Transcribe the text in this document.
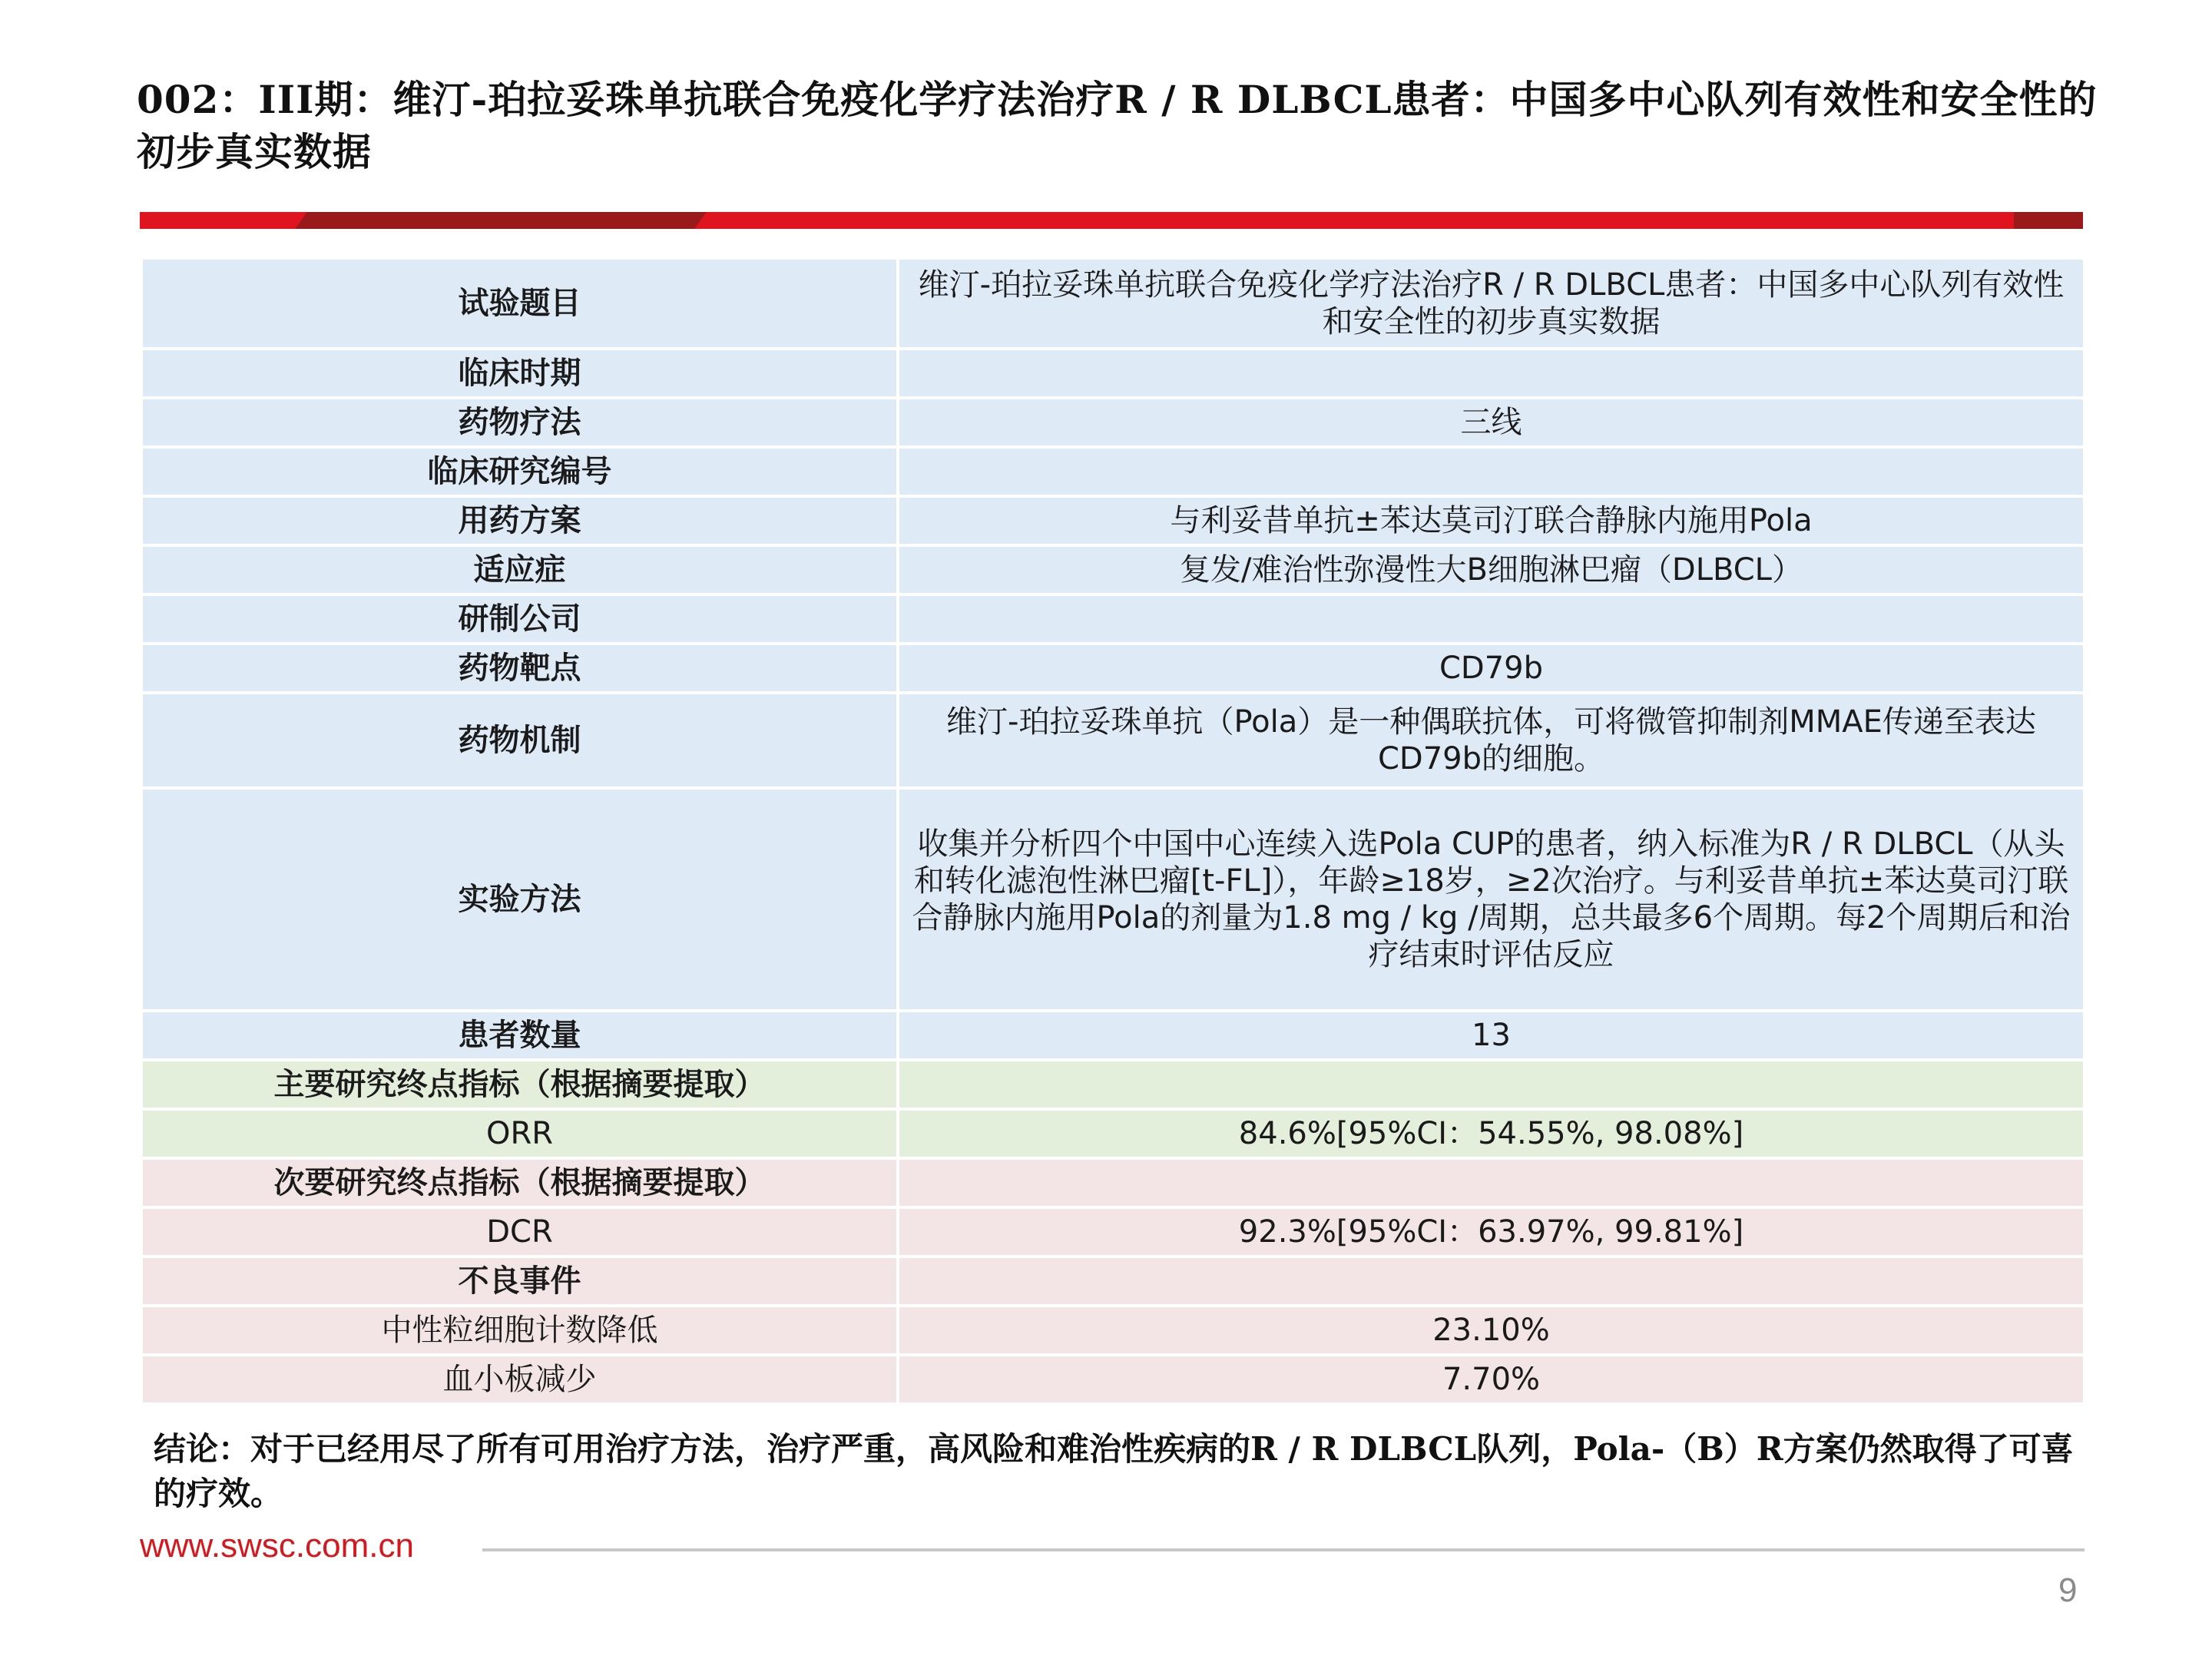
002：III期：维汀-珀拉妥珠单抗联合免疫化学疗法治疗R / R DLBCL患者：中国多中心队列有效性和安全性的初步真实数据
试验题目	维汀-珀拉妥珠单抗联合免疫化学疗法治疗R / R DLBCL患者：中国多中心队列有效性和安全性的初步真实数据
临床时期	
药物疗法	三线
临床研究编号	
用药方案	与利妥昔单抗±苯达莫司汀联合静脉内施用Pola
适应症	复发/难治性弥漫性大B细胞淋巴瘤（DLBCL）
研制公司	
药物靶点	CD79b
药物机制	维汀-珀拉妥珠单抗（Pola）是一种偶联抗体，可将微管抑制剂MMAE传递至表达CD79b的细胞。
实验方法	收集并分析四个中国中心连续入选Pola CUP的患者，纳入标准为R / R DLBCL（从头和转化滤泡性淋巴瘤[t-FL]），年龄≥18岁，≥2次治疗。与利妥昔单抗±苯达莫司汀联合静脉内施用Pola的剂量为1.8 mg / kg /周期，总共最多6个周期。每2个周期后和治疗结束时评估反应
患者数量	13
主要研究终点指标（根据摘要提取）	
ORR	84.6%[95%CI：54.55%, 98.08%]
次要研究终点指标（根据摘要提取）	
DCR	92.3%[95%CI：63.97%, 99.81%]
不良事件	
中性粒细胞计数降低	23.10%
血小板减少	7.70%
结论：对于已经用尽了所有可用治疗方法，治疗严重，高风险和难治性疾病的R / R DLBCL队列，Pola-（B）R方案仍然取得了可喜的疗效。
www.swsc.com.cn
9
